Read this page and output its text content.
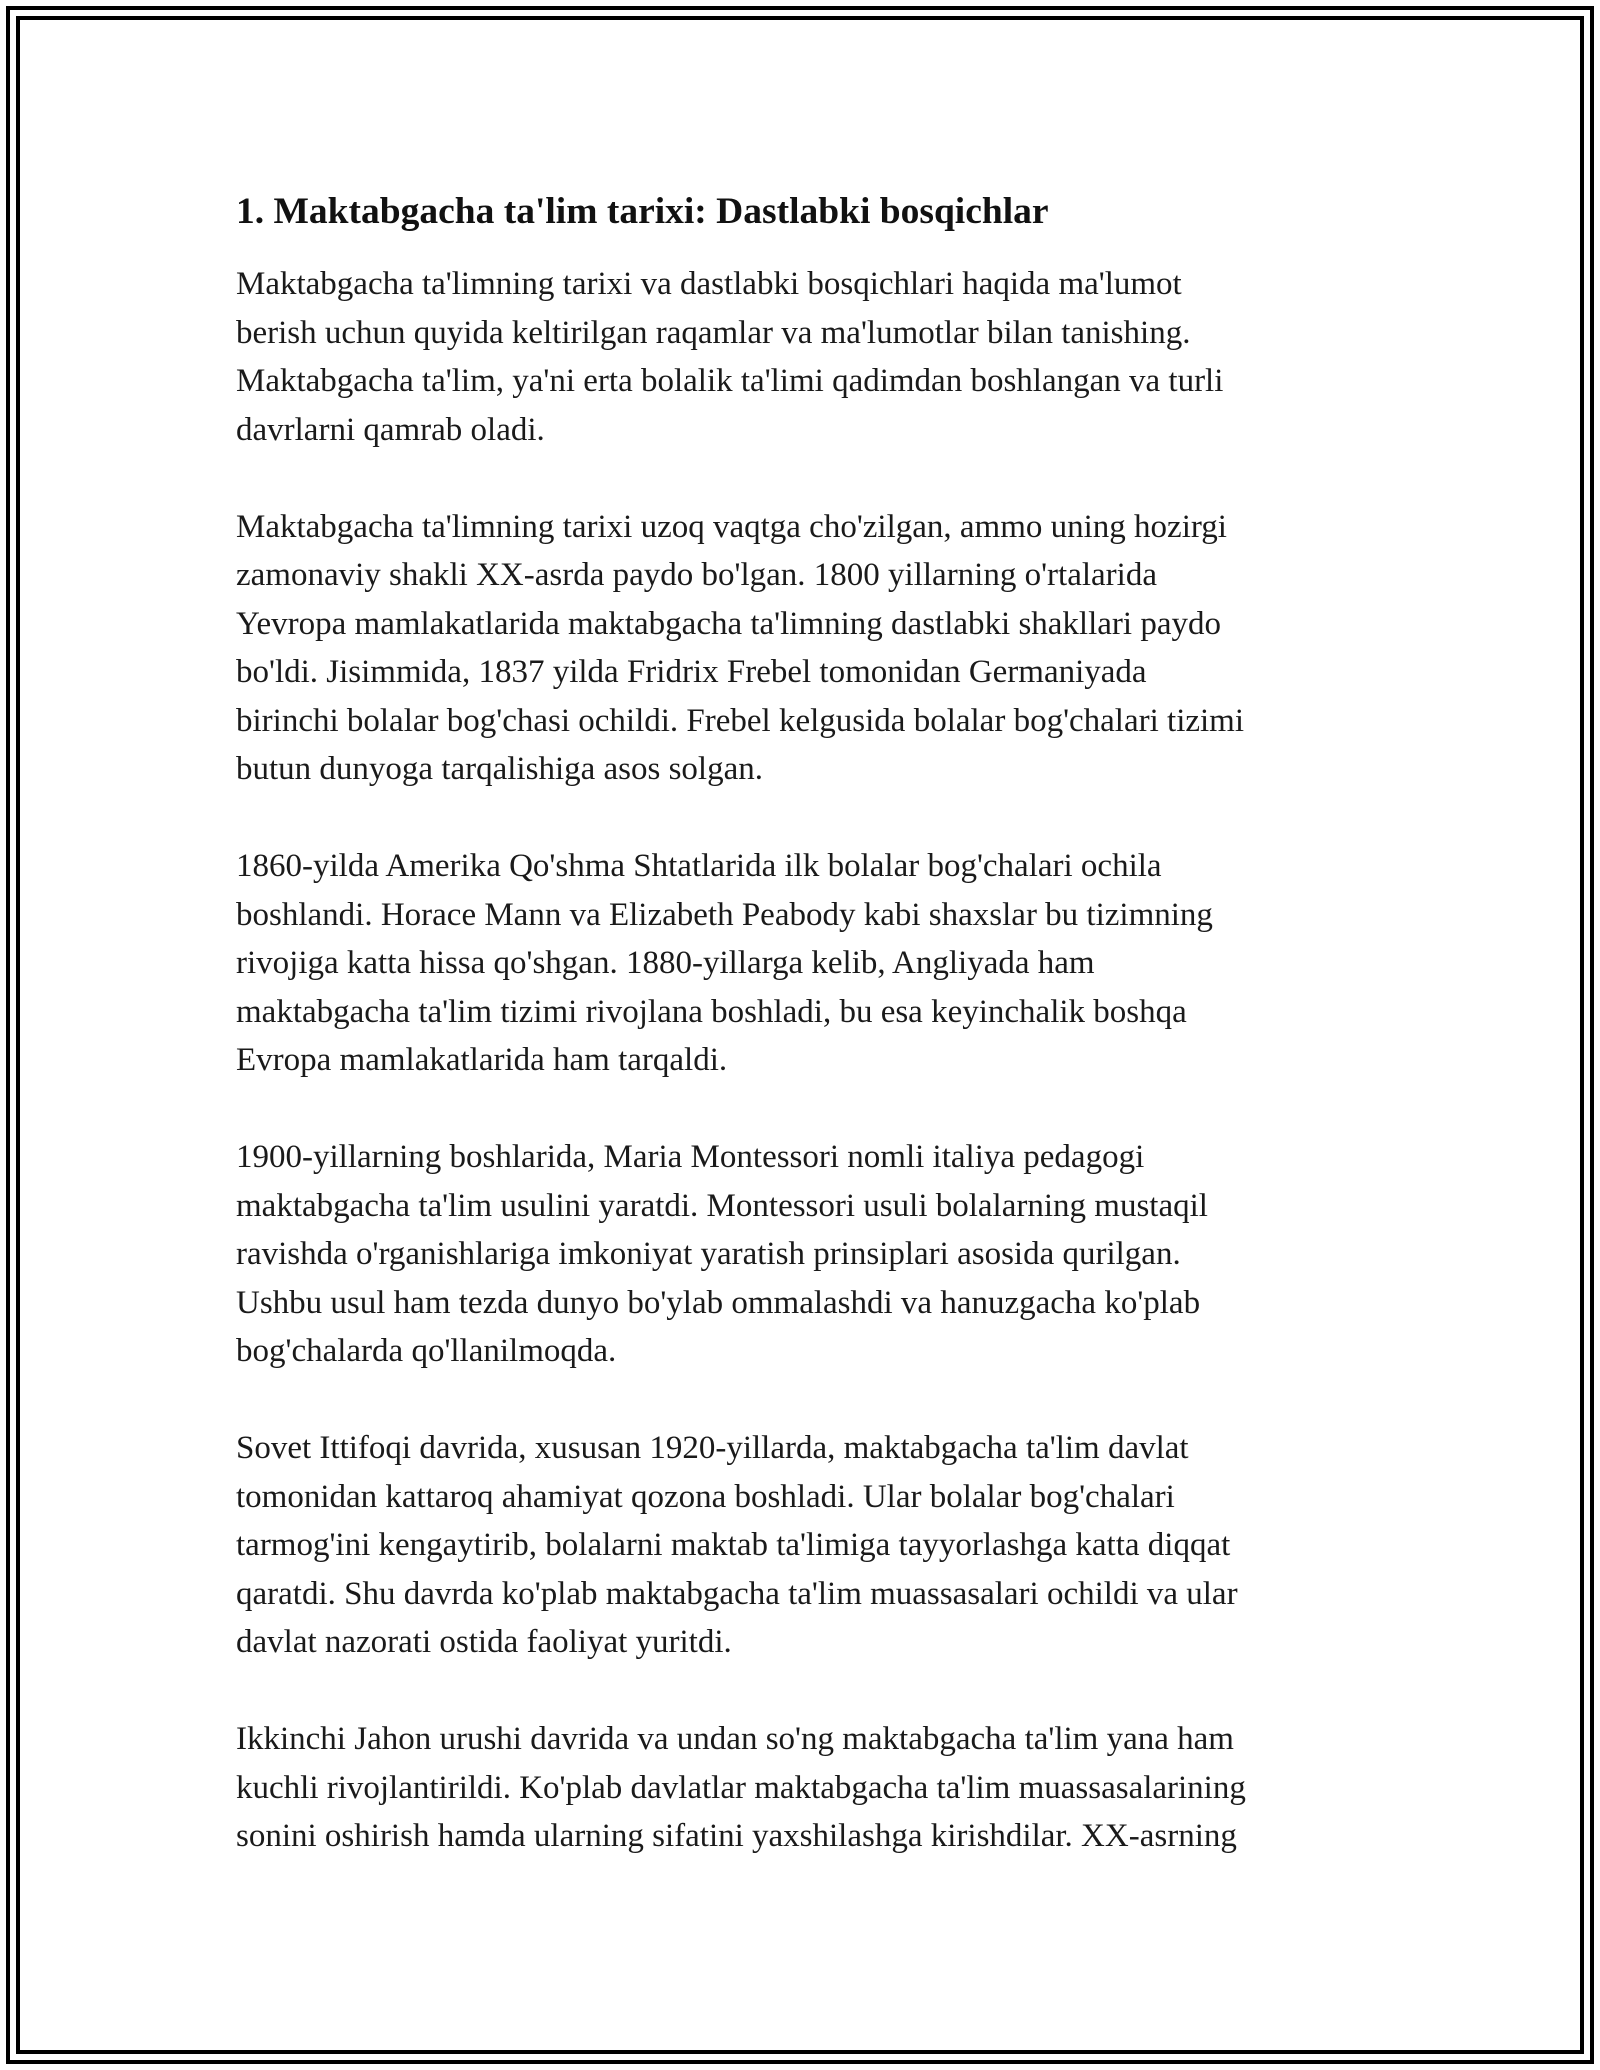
1. Maktabgacha ta'lim tarixi: Dastlabki bosqichlar

Maktabgacha ta'limning tarixi va dastlabki bosqichlari haqida ma'lumot
berish uchun quyida keltirilgan raqamlar va ma'lumotlar bilan tanishing.
Maktabgacha ta'lim, ya'ni erta bolalik ta'limi qadimdan boshlangan va turli
davrlarni qamrab oladi.

Maktabgacha ta'limning tarixi uzoq vaqtga cho'zilgan, ammo uning hozirgi
zamonaviy shakli XX-asrda paydo bo'lgan. 1800 yillarning o'rtalarida
Yevropa mamlakatlarida maktabgacha ta'limning dastlabki shakllari paydo
bo'ldi. Jisimmida, 1837 yilda Fridrix Frebel tomonidan Germaniyada
birinchi bolalar bog'chasi ochildi. Frebel kelgusida bolalar bog'chalari tizimi
butun dunyoga tarqalishiga asos solgan.

1860-yilda Amerika Qo'shma Shtatlarida ilk bolalar bog'chalari ochila
boshlandi. Horace Mann va Elizabeth Peabody kabi shaxslar bu tizimning
rivojiga katta hissa qo'shgan. 1880-yillarga kelib, Angliyada ham
maktabgacha ta'lim tizimi rivojlana boshladi, bu esa keyinchalik boshqa
Evropa mamlakatlarida ham tarqaldi.

1900-yillarning boshlarida, Maria Montessori nomli italiya pedagogi
maktabgacha ta'lim usulini yaratdi. Montessori usuli bolalarning mustaqil
ravishda o'rganishlariga imkoniyat yaratish prinsiplari asosida qurilgan.
Ushbu usul ham tezda dunyo bo'ylab ommalashdi va hanuzgacha ko'plab
bog'chalarda qo'llanilmoqda.

Sovet Ittifoqi davrida, xususan 1920-yillarda, maktabgacha ta'lim davlat
tomonidan kattaroq ahamiyat qozona boshladi. Ular bolalar bog'chalari
tarmog'ini kengaytirib, bolalarni maktab ta'limiga tayyorlashga katta diqqat
qaratdi. Shu davrda ko'plab maktabgacha ta'lim muassasalari ochildi va ular
davlat nazorati ostida faoliyat yuritdi.

Ikkinchi Jahon urushi davrida va undan so'ng maktabgacha ta'lim yana ham
kuchli rivojlantirildi. Ko'plab davlatlar maktabgacha ta'lim muassasalarining
sonini oshirish hamda ularning sifatini yaxshilashga kirishdilar. XX-asrning
